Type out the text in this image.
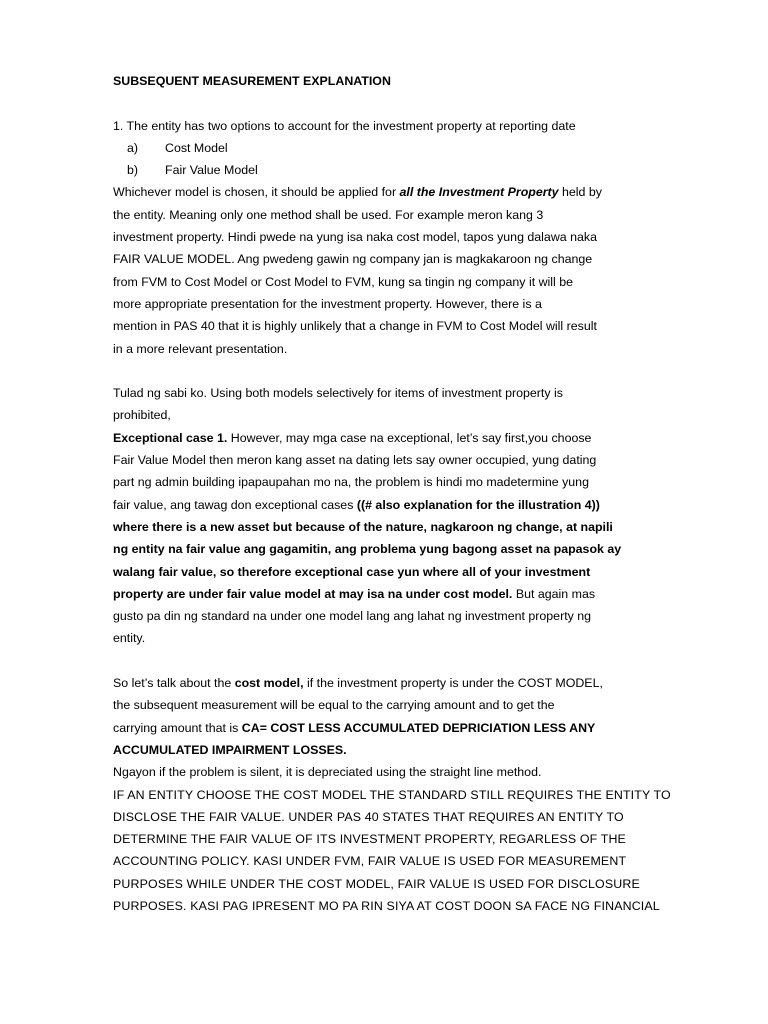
SUBSEQUENT MEASUREMENT EXPLANATION
1. The entity has two options to account for the investment property at reporting date
a) Cost Model
b) Fair Value Model
Whichever model is chosen, it should be applied for all the Investment Property held by
the entity. Meaning only one method shall be used. For example meron kang 3
investment property. Hindi pwede na yung isa naka cost model, tapos yung dalawa naka
FAIR VALUE MODEL. Ang pwedeng gawin ng company jan is magkakaroon ng change
from FVM to Cost Model or Cost Model to FVM, kung sa tingin ng company it will be
more appropriate presentation for the investment property. However, there is a
mention in PAS 40 that it is highly unlikely that a change in FVM to Cost Model will result
in a more relevant presentation.
Tulad ng sabi ko. Using both models selectively for items of investment property is
prohibited,
Exceptional case 1. However, may mga case na exceptional, let’s say first,you choose
Fair Value Model then meron kang asset na dating lets say owner occupied, yung dating
part ng admin building ipapaupahan mo na, the problem is hindi mo madetermine yung
fair value, ang tawag don exceptional cases ((# also explanation for the illustration 4))
where there is a new asset but because of the nature, nagkaroon ng change, at napili
ng entity na fair value ang gagamitin, ang problema yung bagong asset na papasok ay
walang fair value, so therefore exceptional case yun where all of your investment
property are under fair value model at may isa na under cost model. But again mas
gusto pa din ng standard na under one model lang ang lahat ng investment property ng
entity.
So let’s talk about the cost model, if the investment property is under the COST MODEL,
the subsequent measurement will be equal to the carrying amount and to get the
carrying amount that is CA= COST LESS ACCUMULATED DEPRICIATION LESS ANY
ACCUMULATED IMPAIRMENT LOSSES.
Ngayon if the problem is silent, it is depreciated using the straight line method.
IF AN ENTITY CHOOSE THE COST MODEL THE STANDARD STILL REQUIRES THE ENTITY TO
DISCLOSE THE FAIR VALUE. UNDER PAS 40 STATES THAT REQUIRES AN ENTITY TO
DETERMINE THE FAIR VALUE OF ITS INVESTMENT PROPERTY, REGARLESS OF THE
ACCOUNTING POLICY. KASI UNDER FVM, FAIR VALUE IS USED FOR MEASUREMENT
PURPOSES WHILE UNDER THE COST MODEL, FAIR VALUE IS USED FOR DISCLOSURE
PURPOSES. KASI PAG IPRESENT MO PA RIN SIYA AT COST DOON SA FACE NG FINANCIAL
